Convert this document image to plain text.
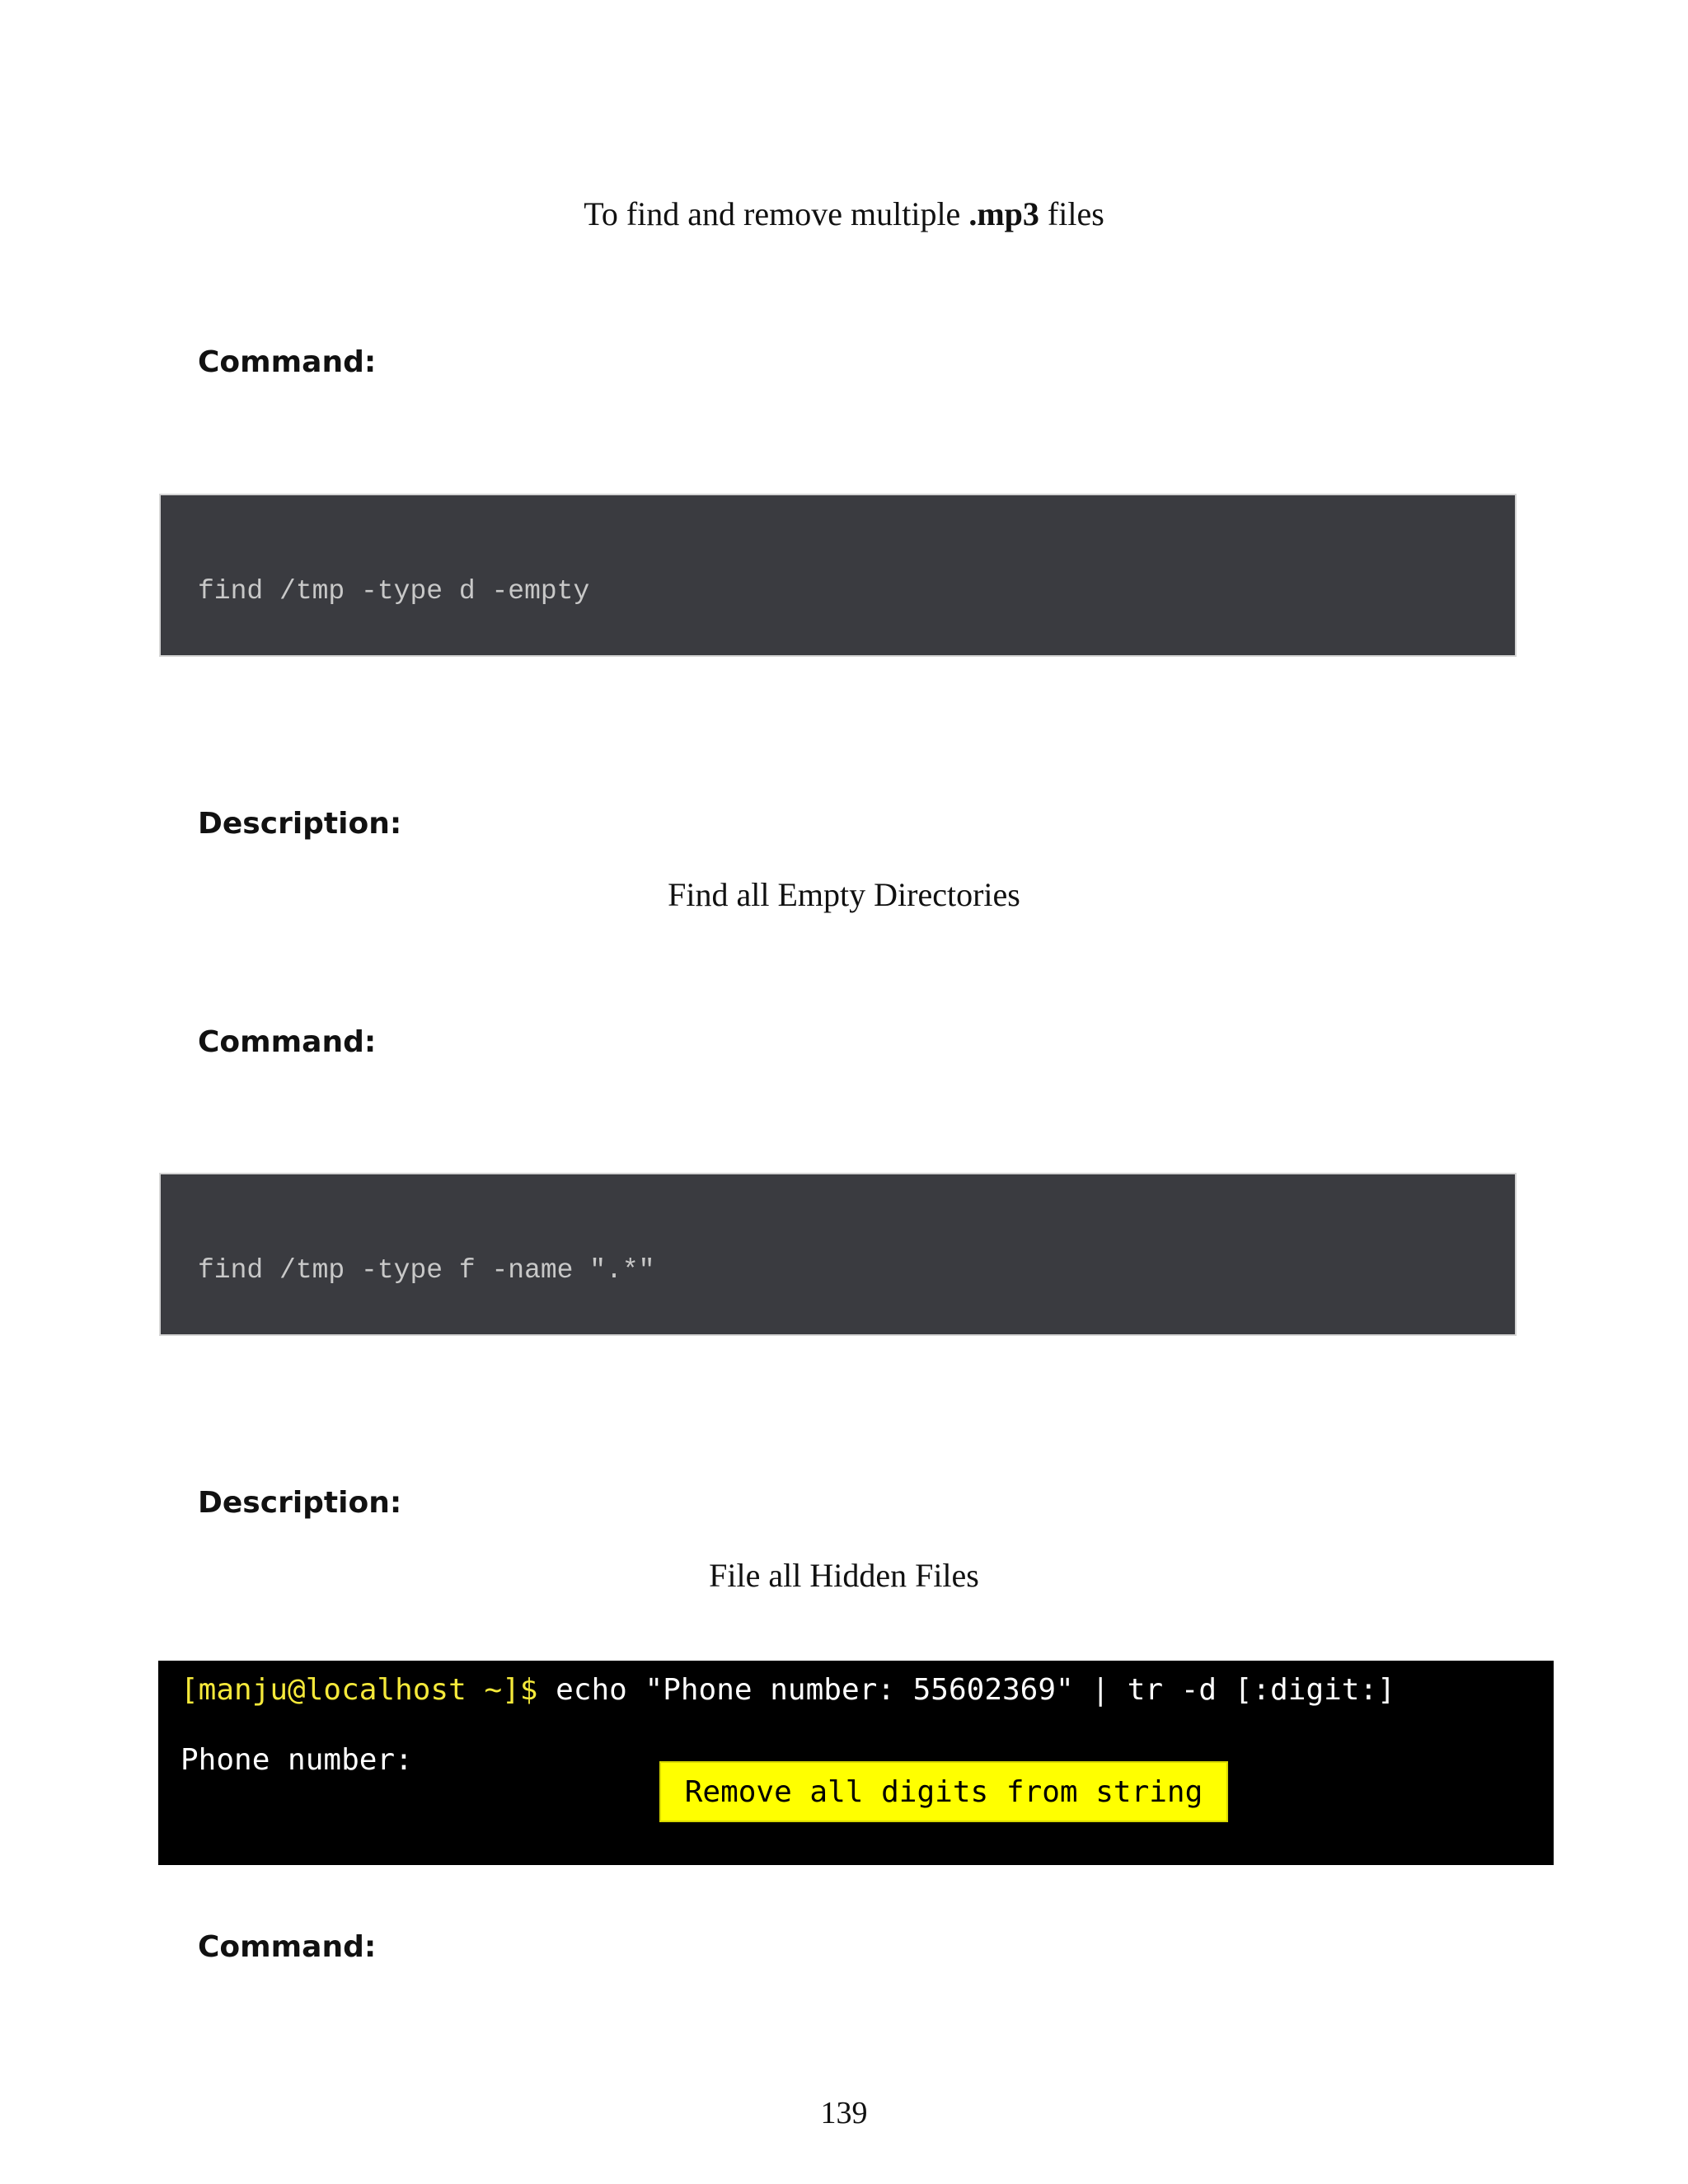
To find and remove multiple .mp3 files
Command:
find /tmp -type d -empty
Description:
Find all Empty Directories
Command:
find /tmp -type f -name ".*"
Description:
File all Hidden Files
[manju@localhost ~]$ echo "Phone number: 55602369" | tr -d [:digit:]
Phone number:
Remove all digits from string
Command:
139
